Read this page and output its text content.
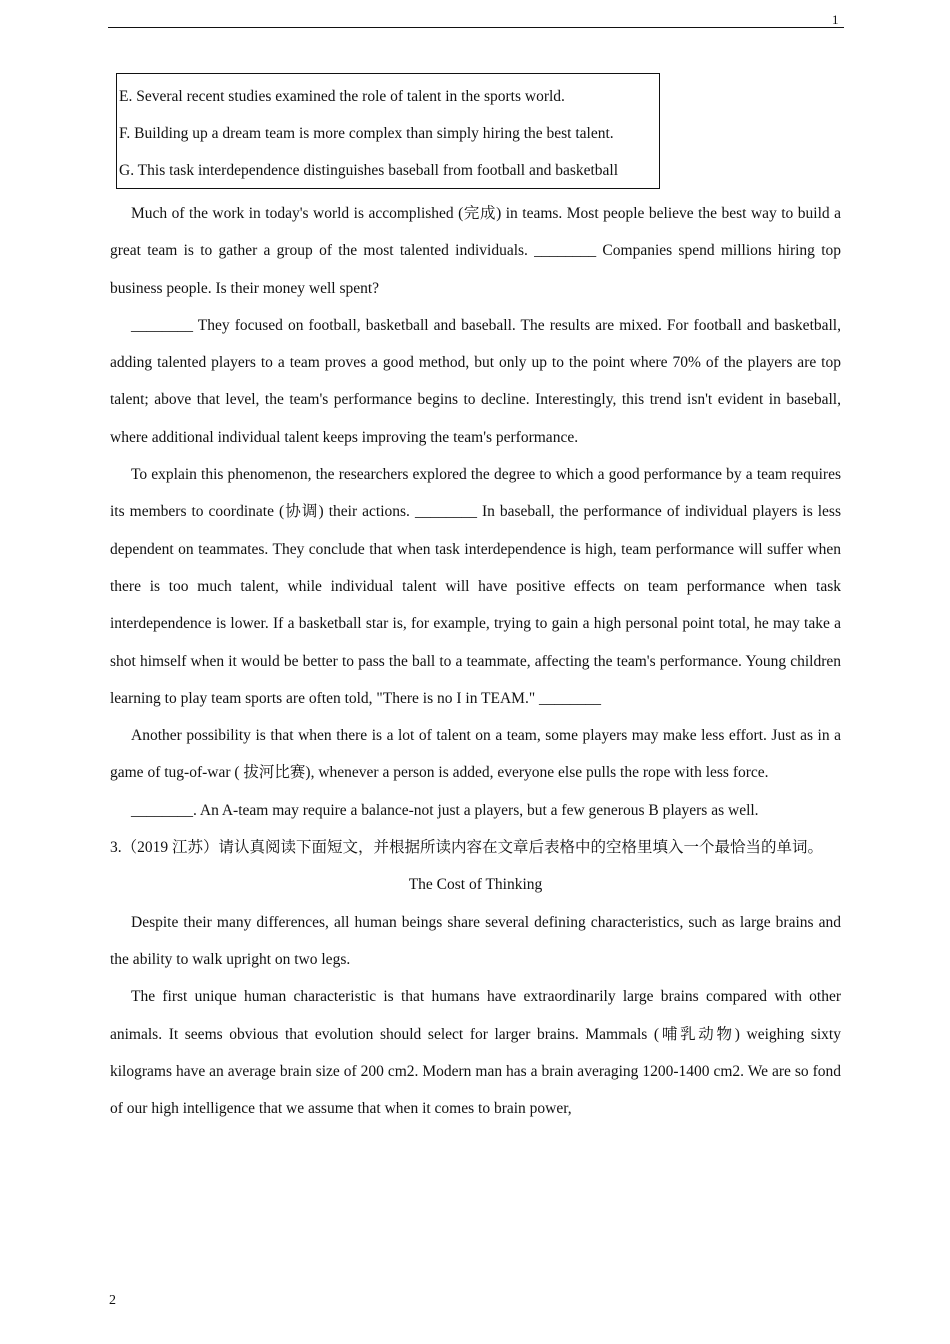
1
E. Several recent studies examined the role of talent in the sports world.
F. Building up a dream team is more complex than simply hiring the best talent.
G. This task interdependence distinguishes baseball from football and basketball

Much of the work in today's world is accomplished (完成) in teams. Most people believe the best way to build a great team is to gather a group of the most talented individuals. ________ Companies spend millions hiring top business people. Is their money well spent?

________ They focused on football, basketball and baseball. The results are mixed. For football and basketball, adding talented players to a team proves a good method, but only up to the point where 70% of the players are top talent; above that level, the team's performance begins to decline. Interestingly, this trend isn't evident in baseball, where additional individual talent keeps improving the team's performance.

To explain this phenomenon, the researchers explored the degree to which a good performance by a team requires its members to coordinate (协调) their actions. ________ In baseball, the performance of individual players is less dependent on teammates. They conclude that when task interdependence is high, team performance will suffer when there is too much talent, while individual talent will have positive effects on team performance when task interdependence is lower. If a basketball star is, for example, trying to gain a high personal point total, he may take a shot himself when it would be better to pass the ball to a teammate, affecting the team's performance. Young children learning to play team sports are often told, "There is no I in TEAM." ________

Another possibility is that when there is a lot of talent on a team, some players may make less effort. Just as in a game of tug-of-war ( 拔河比赛), whenever a person is added, everyone else pulls the rope with less force.

________. An A-team may require a balance-not just a players, but a few generous B players as well.

3.（2019 江苏）请认真阅读下面短文，并根据所读内容在文章后表格中的空格里填入一个最恰当的单词。

The Cost of Thinking

Despite their many differences, all human beings share several defining characteristics, such as large brains and the ability to walk upright on two legs.

The first unique human characteristic is that humans have extraordinarily large brains compared with other animals. It seems obvious that evolution should select for larger brains. Mammals (哺乳动物) weighing sixty kilograms have an average brain size of 200 cm2. Modern man has a brain averaging 1200-1400 cm2. We are so fond of our high intelligence that we assume that when it comes to brain power,

2
